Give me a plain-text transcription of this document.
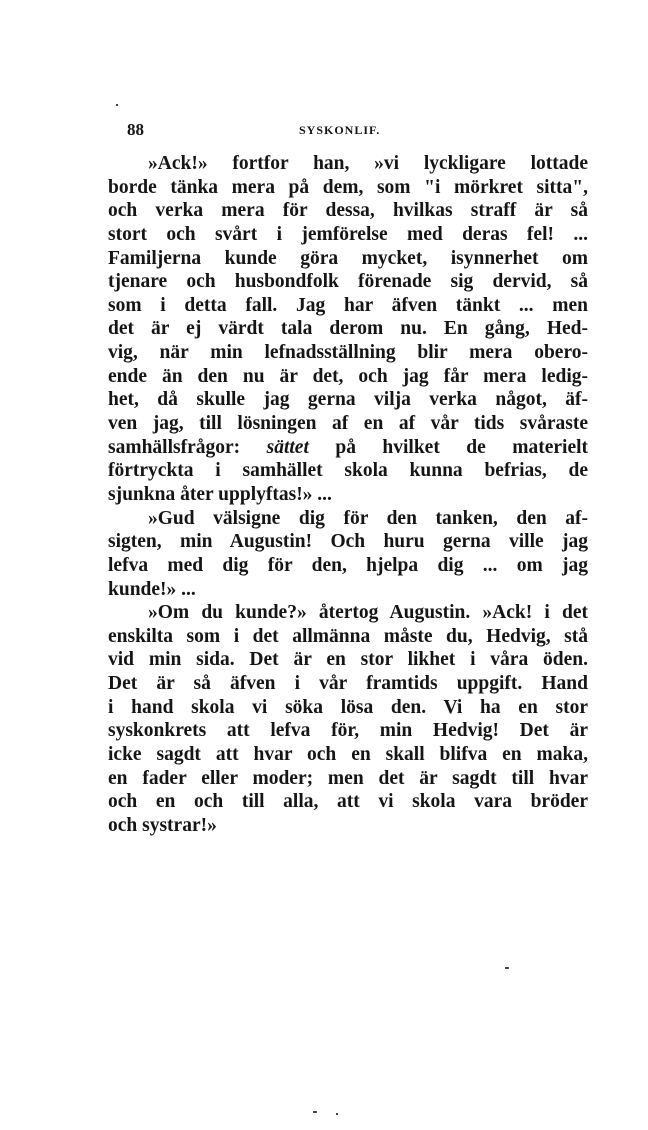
88	SYSKONLIF.
»Ack!» fortfor han, »vi lyckligare lottade
borde tänka mera på dem, som "i mörkret sitta",
och verka mera för dessa, hvilkas straff är så
stort och svårt i jemförelse med deras fel! ...
Familjerna kunde göra mycket, isynnerhet om
tjenare och husbondfolk förenade sig dervid, så
som i detta fall. Jag har äfven tänkt ... men
det är ej värdt tala derom nu. En gång, Hed-
vig, när min lefnadsställning blir mera obero-
ende än den nu är det, och jag får mera ledig-
het, då skulle jag gerna vilja verka något, äf-
ven jag, till lösningen af en af vår tids svåraste
samhällsfrågor: sättet på hvilket de materielt
förtryckta i samhället skola kunna befrias, de
sjunkna åter upplyftas!» ...
»Gud välsigne dig för den tanken, den af-
sigten, min Augustin! Och huru gerna ville jag
lefva med dig för den, hjelpa dig ... om jag
kunde!» ...
»Om du kunde?» återtog Augustin. »Ack! i det
enskilta som i det allmänna måste du, Hedvig, stå
vid min sida. Det är en stor likhet i våra öden.
Det är så äfven i vår framtids uppgift. Hand
i hand skola vi söka lösa den. Vi ha en stor
syskonkrets att lefva för, min Hedvig! Det är
icke sagdt att hvar och en skall blifva en maka,
en fader eller moder; men det är sagdt till hvar
och en och till alla, att vi skola vara bröder
och systrar!»
